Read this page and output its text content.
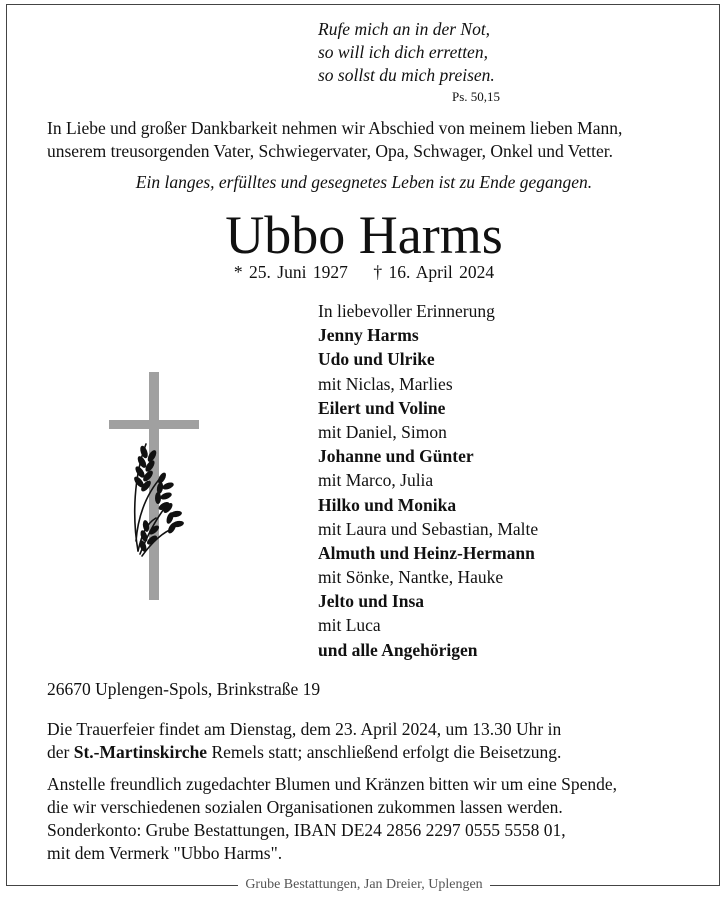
Rufe mich an in der Not,
so will ich dich erretten,
so sollst du mich preisen.
Ps. 50,15
In Liebe und großer Dankbarkeit nehmen wir Abschied von meinem lieben Mann,
unserem treusorgenden Vater, Schwiegervater, Opa, Schwager, Onkel und Vetter.
Ein langes, erfülltes und gesegnetes Leben ist zu Ende gegangen.
Ubbo Harms
* 25. Juni 1927 † 16. April 2024
In liebevoller Erinnerung
Jenny Harms
Udo und Ulrike
mit Niclas, Marlies
Eilert und Voline
mit Daniel, Simon
Johanne und Günter
mit Marco, Julia
Hilko und Monika
mit Laura und Sebastian, Malte
Almuth und Heinz-Hermann
mit Sönke, Nantke, Hauke
Jelto und Insa
mit Luca
und alle Angehörigen
26670 Uplengen-Spols, Brinkstraße 19
Die Trauerfeier findet am Dienstag, dem 23. April 2024, um 13.30 Uhr in
der St.-Martinskirche Remels statt; anschließend erfolgt die Beisetzung.
Anstelle freundlich zugedachter Blumen und Kränzen bitten wir um eine Spende,
die wir verschiedenen sozialen Organisationen zukommen lassen werden.
Sonderkonto: Grube Bestattungen, IBAN DE24 2856 2297 0555 5558 01,
mit dem Vermerk "Ubbo Harms".
Grube Bestattungen, Jan Dreier, Uplengen
